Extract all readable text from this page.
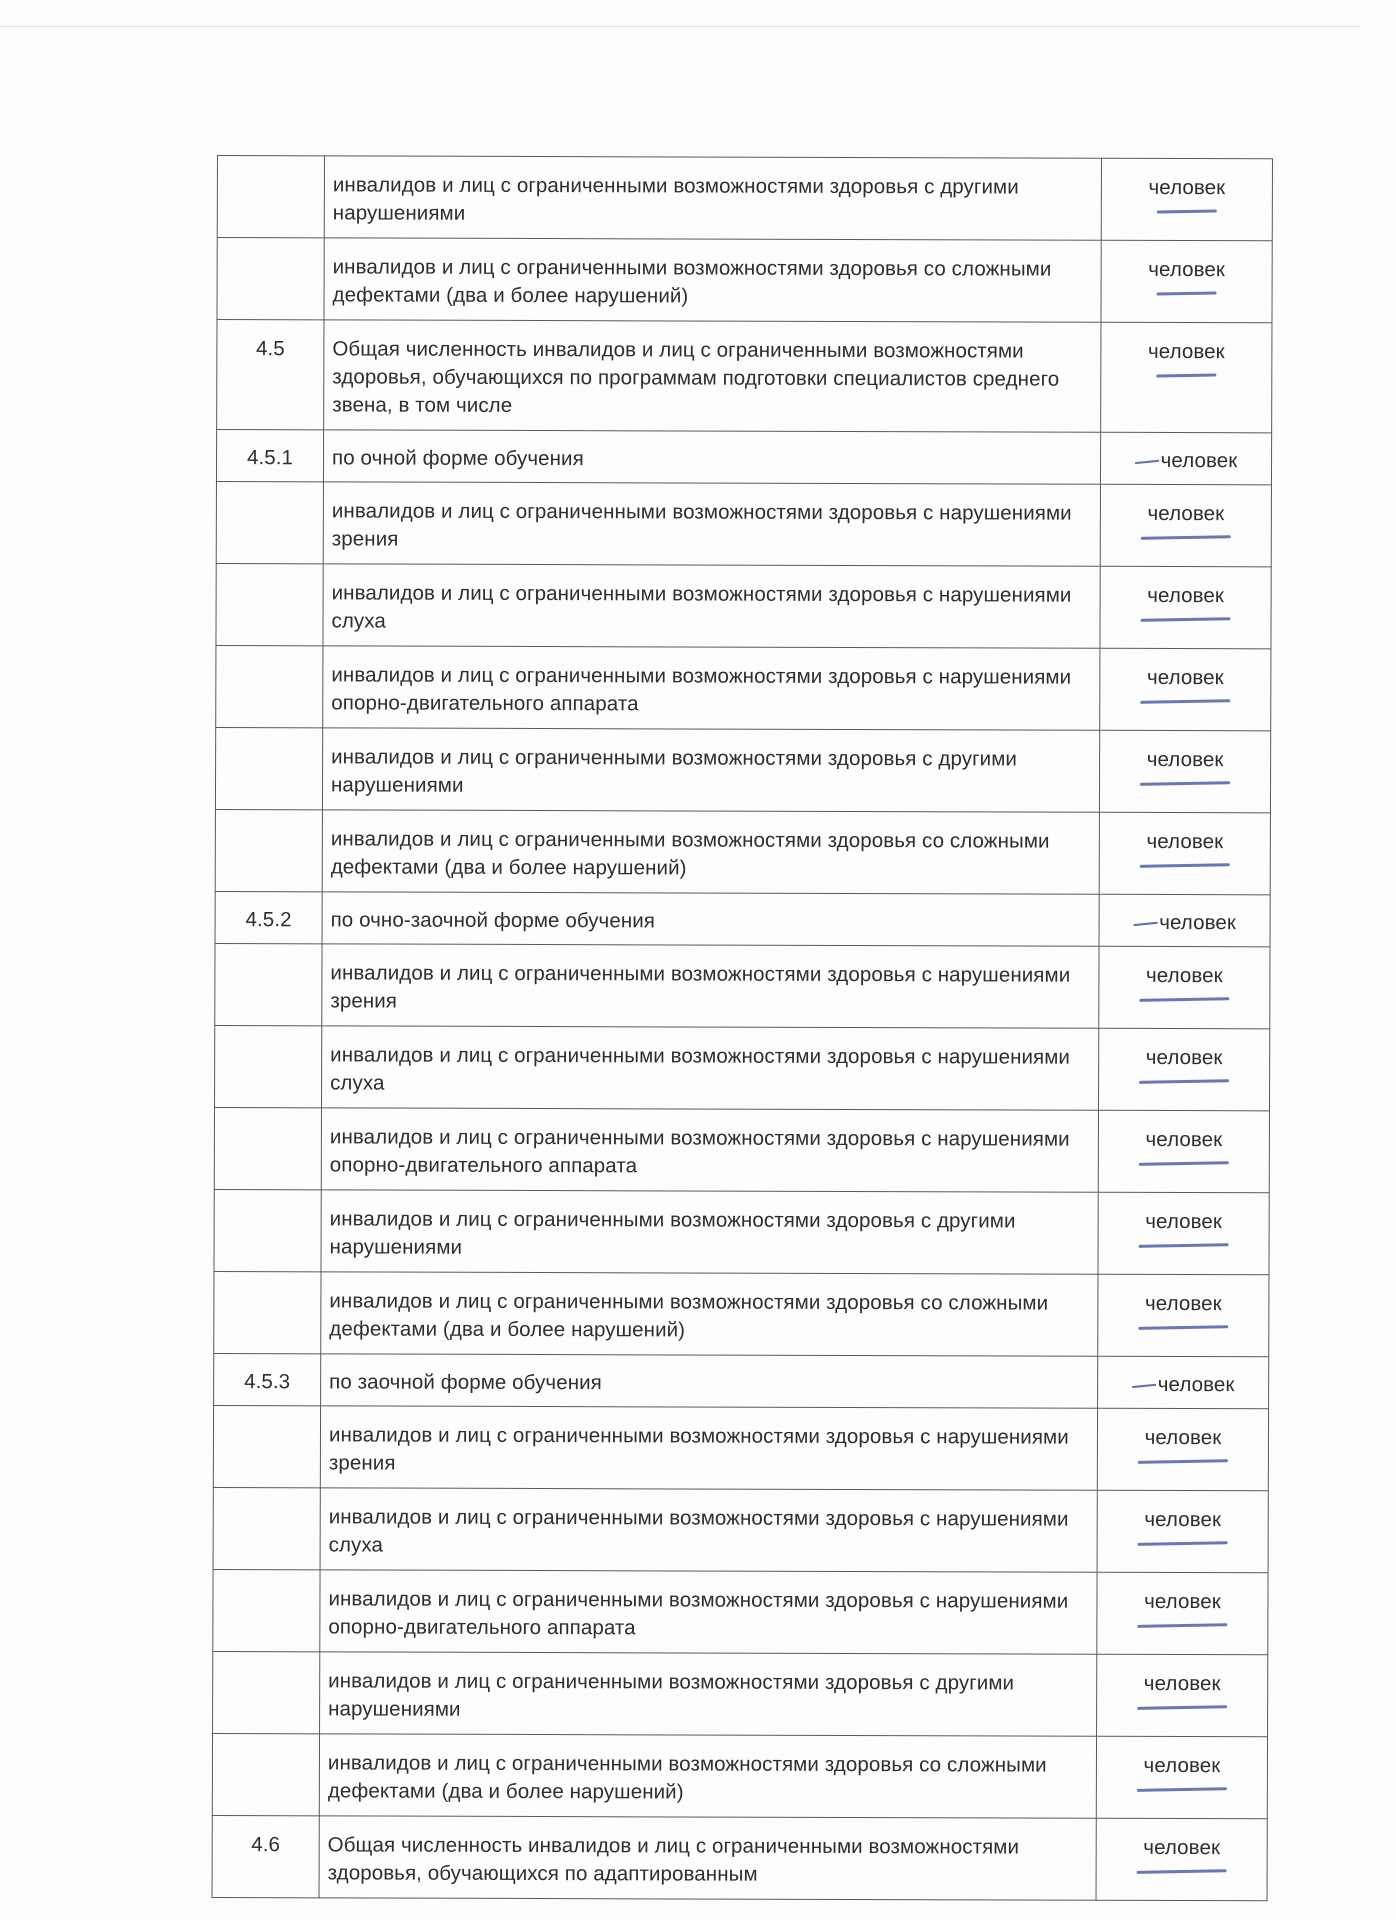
	инвалидов и лиц с ограниченными возможностями здоровья с другими нарушениями	человек

	инвалидов и лиц с ограниченными возможностями здоровья со сложными дефектами (два и более нарушений)	человек

4.5	Общая численность инвалидов и лиц с ограниченными возможностями здоровья, обучающихся по программам подготовки специалистов среднего звена, в том числе	человек

4.5.1	по очной форме обучения	человек
	инвалидов и лиц с ограниченными возможностями здоровья с нарушениями зрения	человек

	инвалидов и лиц с ограниченными возможностями здоровья с нарушениями слуха	человек

	инвалидов и лиц с ограниченными возможностями здоровья с нарушениями опорно-двигательного аппарата	человек

	инвалидов и лиц с ограниченными возможностями здоровья с другими нарушениями	человек

	инвалидов и лиц с ограниченными возможностями здоровья со сложными дефектами (два и более нарушений)	человек

4.5.2	по очно-заочной форме обучения	человек
	инвалидов и лиц с ограниченными возможностями здоровья с нарушениями зрения	человек

	инвалидов и лиц с ограниченными возможностями здоровья с нарушениями слуха	человек

	инвалидов и лиц с ограниченными возможностями здоровья с нарушениями опорно-двигательного аппарата	человек

	инвалидов и лиц с ограниченными возможностями здоровья с другими нарушениями	человек

	инвалидов и лиц с ограниченными возможностями здоровья со сложными дефектами (два и более нарушений)	человек

4.5.3	по заочной форме обучения	человек
	инвалидов и лиц с ограниченными возможностями здоровья с нарушениями зрения	человек

	инвалидов и лиц с ограниченными возможностями здоровья с нарушениями слуха	человек

	инвалидов и лиц с ограниченными возможностями здоровья с нарушениями опорно-двигательного аппарата	человек

	инвалидов и лиц с ограниченными возможностями здоровья с другими нарушениями	человек

	инвалидов и лиц с ограниченными возможностями здоровья со сложными дефектами (два и более нарушений)	человек

4.6	Общая численность инвалидов и лиц с ограниченными возможностями здоровья, обучающихся по адаптированным	человек
